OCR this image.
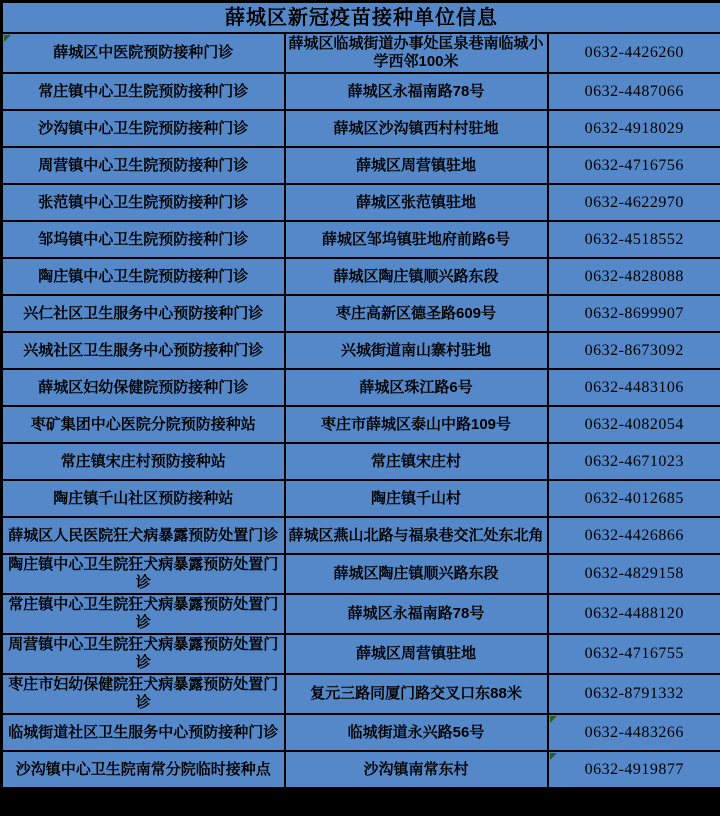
薛城区新冠疫苗接种单位信息		

薛城区中医院预防接种门诊	薛城区临城街道办事处匡泉巷南临城小学西邻100米	0632-4426260
常庄镇中心卫生院预防接种门诊	薛城区永福南路78号	0632-4487066
沙沟镇中心卫生院预防接种门诊	薛城区沙沟镇西村村驻地	0632-4918029
周营镇中心卫生院预防接种门诊	薛城区周营镇驻地	0632-4716756
张范镇中心卫生院预防接种门诊	薛城区张范镇驻地	0632-4622970
邹坞镇中心卫生院预防接种门诊	薛城区邹坞镇驻地府前路6号	0632-4518552
陶庄镇中心卫生院预防接种门诊	薛城区陶庄镇顺兴路东段	0632-4828088
兴仁社区卫生服务中心预防接种门诊	枣庄高新区德圣路609号	0632-8699907
兴城社区卫生服务中心预防接种门诊	兴城街道南山寨村驻地	0632-8673092
薛城区妇幼保健院预防接种门诊	薛城区珠江路6号	0632-4483106
枣矿集团中心医院分院预防接种站	枣庄市薛城区泰山中路109号	0632-4082054
常庄镇宋庄村预防接种站	常庄镇宋庄村	0632-4671023
陶庄镇千山社区预防接种站	陶庄镇千山村	0632-4012685
薛城区人民医院狂犬病暴露预防处置门诊	薛城区燕山北路与福泉巷交汇处东北角	0632-4426866
陶庄镇中心卫生院狂犬病暴露预防处置门诊	薛城区陶庄镇顺兴路东段	0632-4829158
常庄镇中心卫生院狂犬病暴露预防处置门诊	薛城区永福南路78号	0632-4488120
周营镇中心卫生院狂犬病暴露预防处置门诊	薛城区周营镇驻地	0632-4716755
枣庄市妇幼保健院狂犬病暴露预防处置门诊	复元三路同厦门路交叉口东88米	0632-8791332
临城街道社区卫生服务中心预防接种门诊	临城街道永兴路56号	0632-4483266
沙沟镇中心卫生院南常分院临时接种点	沙沟镇南常东村	0632-4919877
